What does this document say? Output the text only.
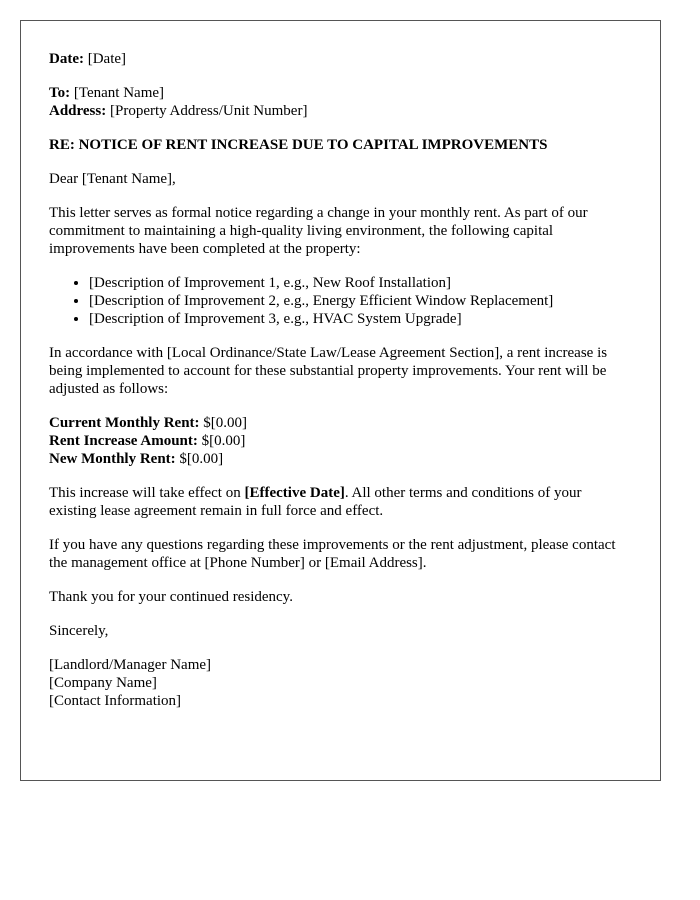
Date: [Date]

To: [Tenant Name]
Address: [Property Address/Unit Number]

RE: NOTICE OF RENT INCREASE DUE TO CAPITAL IMPROVEMENTS

Dear [Tenant Name],

This letter serves as formal notice regarding a change in your monthly rent. As part of our commitment to maintaining a high-quality living environment, the following capital improvements have been completed at the property:

• [Description of Improvement 1, e.g., New Roof Installation]
• [Description of Improvement 2, e.g., Energy Efficient Window Replacement]
• [Description of Improvement 3, e.g., HVAC System Upgrade]

In accordance with [Local Ordinance/State Law/Lease Agreement Section], a rent increase is being implemented to account for these substantial property improvements. Your rent will be adjusted as follows:

Current Monthly Rent: $[0.00]
Rent Increase Amount: $[0.00]
New Monthly Rent: $[0.00]

This increase will take effect on [Effective Date]. All other terms and conditions of your existing lease agreement remain in full force and effect.

If you have any questions regarding these improvements or the rent adjustment, please contact the management office at [Phone Number] or [Email Address].

Thank you for your continued residency.

Sincerely,

[Landlord/Manager Name]
[Company Name]
[Contact Information]
